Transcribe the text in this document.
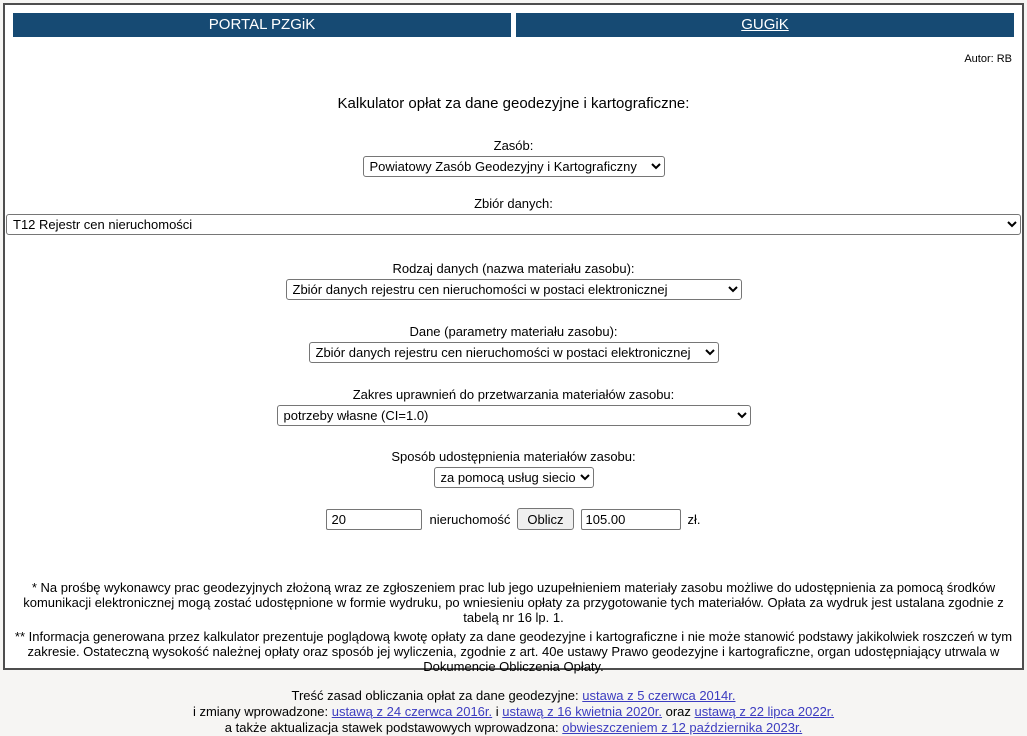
PORTAL PZGiK	GUGiK
Autor: RB
Kalkulator opłat za dane geodezyjne i kartograficzne:
Zasób:
Powiatowy Zasób Geodezyjny i Kartograficzny
Zbiór danych:
T12 Rejestr cen nieruchomości
Rodzaj danych (nazwa materiału zasobu):
Zbiór danych rejestru cen nieruchomości w postaci elektronicznej
Dane (parametry materiału zasobu):
Zbiór danych rejestru cen nieruchomości w postaci elektronicznej
Zakres uprawnień do przetwarzania materiałów zasobu:
potrzeby własne (CI=1.0)
Sposób udostępnienia materiałów zasobu:
za pomocą usług sieciowych
20
nieruchomość	Oblicz
105.00	zł.

* Na prośbę wykonawcy prac geodezyjnych złożoną wraz ze zgłoszeniem prac lub jego uzupełnieniem materiały zasobu możliwe do udostępnienia za pomocą środków komunikacji elektronicznej mogą zostać udostępnione w formie wydruku, po wniesieniu opłaty za przygotowanie tych materiałów. Opłata za wydruk jest ustalana zgodnie z tabelą nr 16 lp. 1.

** Informacja generowana przez kalkulator prezentuje poglądową kwotę opłaty za dane geodezyjne i kartograficzne i nie może stanowić podstawy jakikolwiek roszczeń w tym zakresie. Ostateczną wysokość należnej opłaty oraz sposób jej wyliczenia, zgodnie z art. 40e ustawy Prawo geodezyjne i kartograficzne, organ udostępniający utrwala w Dokumencie Obliczenia Opłaty.

Treść zasad obliczania opłat za dane geodezyjne: ustawa z 5 czerwca 2014r.
i zmiany wprowadzone: ustawą z 24 czerwca 2016r. i ustawą z 16 kwietnia 2020r. oraz ustawą z 22 lipca 2022r.
a także aktualizacja stawek podstawowych wprowadzona: obwieszczeniem z 12 października 2023r.
